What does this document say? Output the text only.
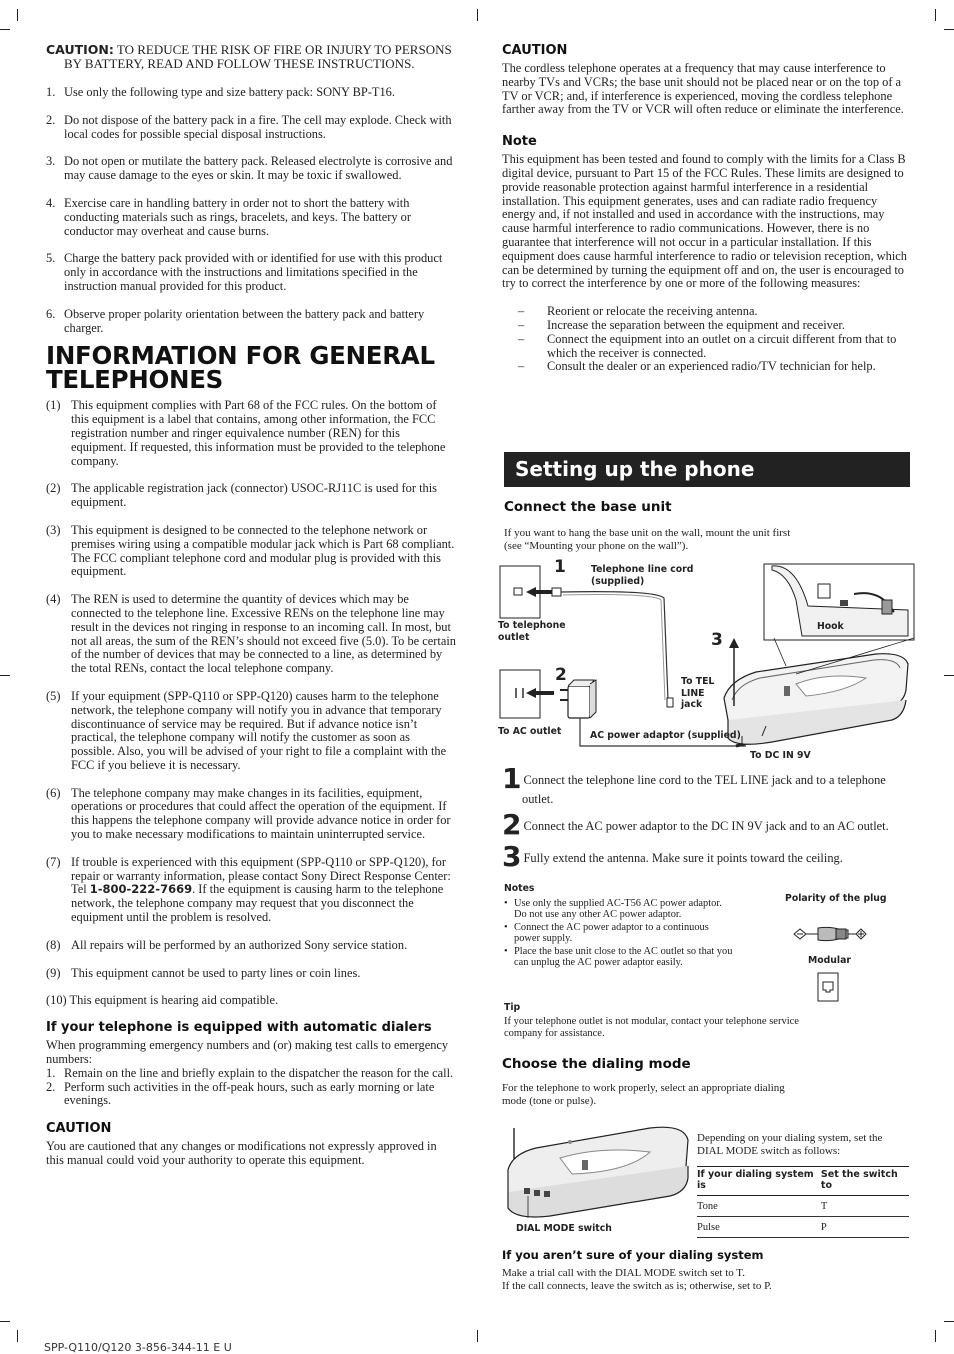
CAUTION: TO REDUCE THE RISK OF FIRE OR INJURY TO PERSONS BY BATTERY, READ AND FOLLOW THESE INSTRUCTIONS.

1. Use only the following type and size battery pack: SONY BP-T16.
2. Do not dispose of the battery pack in a fire. The cell may explode. Check with local codes for possible special disposal instructions.
3. Do not open or mutilate the battery pack. Released electrolyte is corrosive and may cause damage to the eyes or skin. It may be toxic if swallowed.
4. Exercise care in handling battery in order not to short the battery with conducting materials such as rings, bracelets, and keys. The battery or conductor may overheat and cause burns.
5. Charge the battery pack provided with or identified for use with this product only in accordance with the instructions and limitations specified in the instruction manual provided for this product.
6. Observe proper polarity orientation between the battery pack and battery charger.
INFORMATION FOR GENERAL
TELEPHONES
(1) This equipment complies with Part 68 of the FCC rules. On the bottom of this equipment is a label that contains, among other information, the FCC registration number and ringer equivalence number (REN) for this equipment. If requested, this information must be provided to the telephone company.
(2) The applicable registration jack (connector) USOC-RJ11C is used for this equipment.
(3) This equipment is designed to be connected to the telephone network or premises wiring using a compatible modular jack which is Part 68 compliant.
The FCC compliant telephone cord and modular plug is provided with this equipment.
(4) The REN is used to determine the quantity of devices which may be connected to the telephone line. Excessive RENs on the telephone line may result in the devices not ringing in response to an incoming call. In most, but not all areas, the sum of the REN’s should not exceed five (5.0). To be certain of the number of devices that may be connected to a line, as determined by the total RENs, contact the local telephone company.
(5) If your equipment (SPP-Q110 or SPP-Q120) causes harm to the telephone network, the telephone company will notify you in advance that temporary discontinuance of service may be required. But if advance notice isn’t practical, the telephone company will notify the customer as soon as possible. Also, you will be advised of your right to file a complaint with the FCC if you believe it is necessary.
(6) The telephone company may make changes in its facilities, equipment, operations or procedures that could affect the operation of the equipment. If this happens the telephone company will provide advance notice in order for you to make necessary modifications to maintain uninterrupted service.
(7) If trouble is experienced with this equipment (SPP-Q110 or SPP-Q120), for repair or warranty information, please contact Sony Direct Response Center: Tel 1-800-222-7669. If the equipment is causing harm to the telephone network, the telephone company may request that you disconnect the equipment until the problem is resolved.
(8) All repairs will be performed by an authorized Sony service station.
(9) This equipment cannot be used to party lines or coin lines.
(10) This equipment is hearing aid compatible.
If your telephone is equipped with automatic dialers

When programming emergency numbers and (or) making test calls to emergency numbers:

1. Remain on the line and briefly explain to the dispatcher the reason for the call.
2. Perform such activities in the off-peak hours, such as early morning or late evenings.
CAUTION

You are cautioned that any changes or modifications not expressly approved in this manual could void your authority to operate this equipment.

CAUTION

The cordless telephone operates at a frequency that may cause interference to nearby TVs and VCRs; the base unit should not be placed near or on the top of a TV or VCR; and, if interference is experienced, moving the cordless telephone farther away from the TV or VCR will often reduce or eliminate the interference.

Note

This equipment has been tested and found to comply with the limits for a Class B digital device, pursuant to Part 15 of the FCC Rules. These limits are designed to provide reasonable protection against harmful interference in a residential installation. This equipment generates, uses and can radiate radio frequency energy and, if not installed and used in accordance with the instructions, may cause harmful interference to radio communications. However, there is no guarantee that interference will not occur in a particular installation. If this equipment does cause harmful interference to radio or television reception, which can be determined by turning the equipment off and on, the user is encouraged to try to correct the interference by one or more of the following measures:

– Reorient or relocate the receiving antenna.
– Increase the separation between the equipment and receiver.
– Connect the equipment into an outlet on a circuit different from that to which the receiver is connected.
– Consult the dealer or an experienced radio/TV technician for help.
Setting up the phone
Connect the base unit

If you want to hang the base unit on the wall, mount the unit first
(see “Mounting your phone on the wall”).

1
2
3
Telephone line cord
(supplied)
To telephone
outlet
Hook
To TEL
LINE
jack
To AC outlet	AC power adaptor (supplied)
To DC IN 9V

1 Connect the telephone line cord to the TEL LINE jack and to a telephone outlet.

2 Connect the AC power adaptor to the DC IN 9V jack and to an AC outlet.

3 Fully extend the antenna. Make sure it points toward the ceiling.

Notes
• Use only the supplied AC-T56 AC power adaptor. Do not use any other AC power adaptor.
• Connect the AC power adaptor to a continuous power supply.
• Place the base unit close to the AC outlet so that you can unplug the AC power adaptor easily.
Polarity of the plug
Modular
Tip

If your telephone outlet is not modular, contact your telephone service company for assistance.

Choose the dialing mode

For the telephone to work properly, select an appropriate dialing
mode (tone or pulse).

DIAL MODE switch

Depending on your dialing system, set the DIAL MODE switch as follows:

If your dialing system is	Set the switch to
Tone	T
Pulse	P
If you aren’t sure of your dialing system

Make a trial call with the DIAL MODE switch set to T.
If the call connects, leave the switch as is; otherwise, set to P.

SPP-Q110/Q120 3-856-344-11 E U
